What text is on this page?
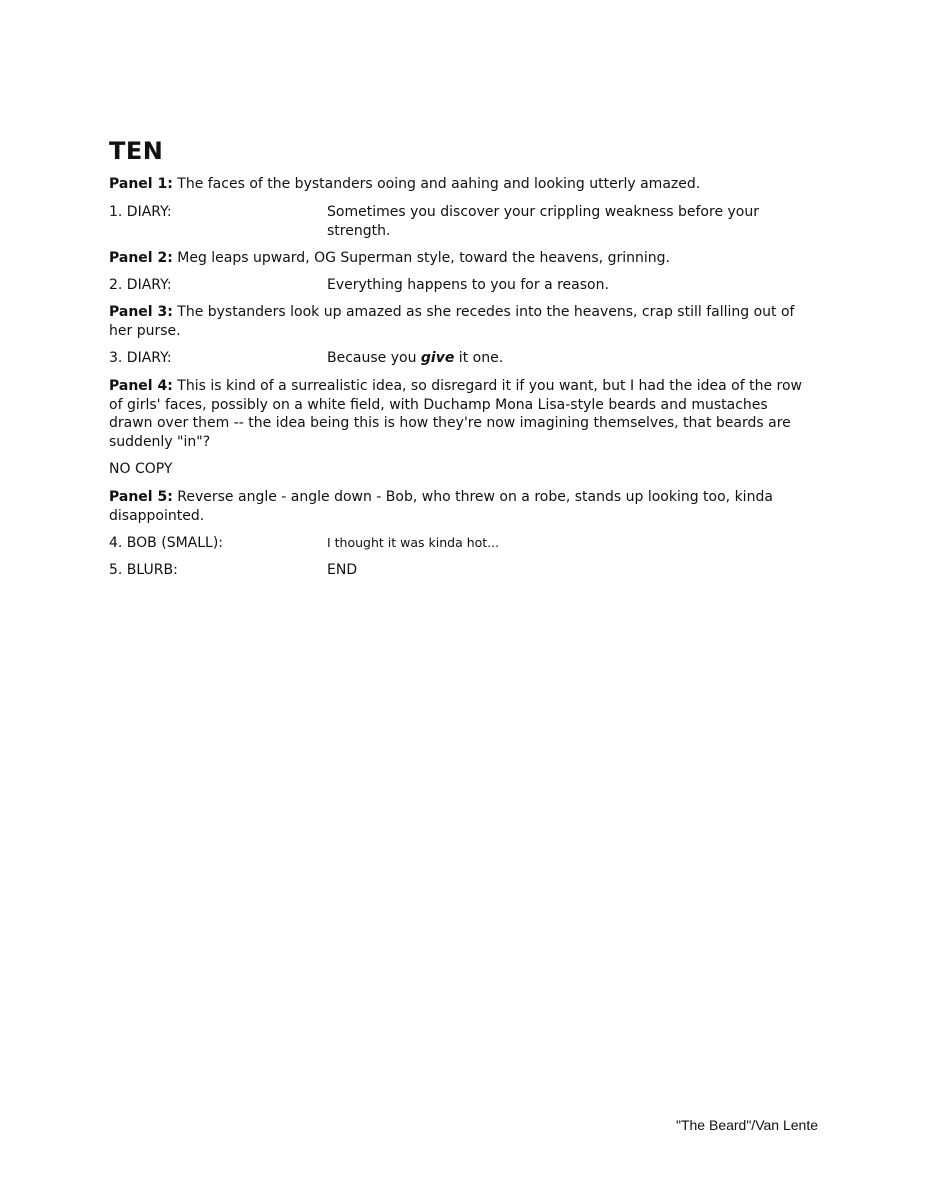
TEN
Panel 1: The faces of the bystanders ooing and aahing and looking utterly amazed.
1. DIARY:	Sometimes you discover your crippling weakness before your strength.
Panel 2: Meg leaps upward, OG Superman style, toward the heavens, grinning.
2. DIARY:	Everything happens to you for a reason.
Panel 3: The bystanders look up amazed as she recedes into the heavens, crap still falling out of her purse.
3. DIARY:	Because you give it one.
Panel 4: This is kind of a surrealistic idea, so disregard it if you want, but I had the idea of the row of girls' faces, possibly on a white field, with Duchamp Mona Lisa-style beards and mustaches drawn over them -- the idea being this is how they're now imagining themselves, that beards are suddenly "in"?
NO COPY
Panel 5: Reverse angle - angle down - Bob, who threw on a robe, stands up looking too, kinda disappointed.
4. BOB (SMALL):	I thought it was kinda hot...
5. BLURB:	END
"The Beard"/Van Lente
